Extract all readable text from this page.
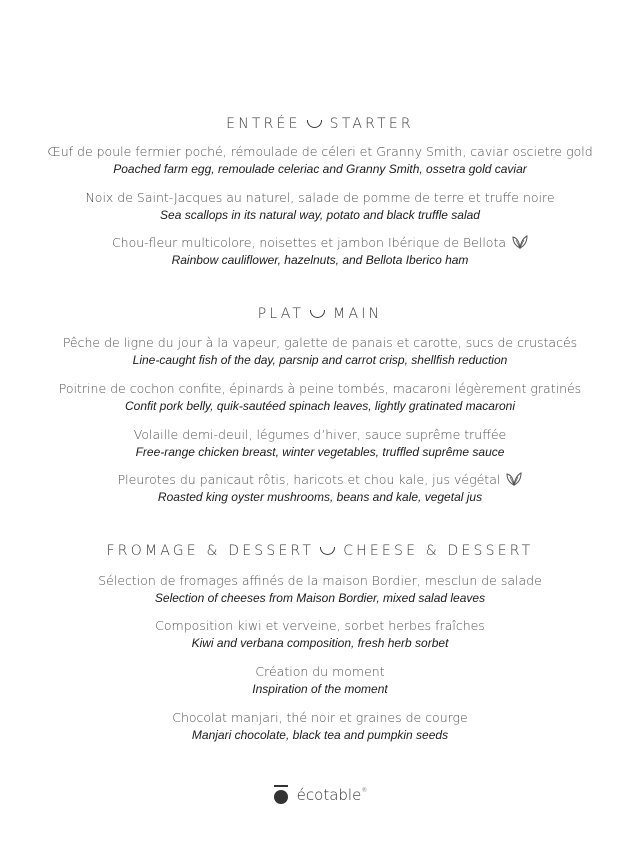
ENTRÉE STARTER
Œuf de poule fermier poché, rémoulade de céleri et Granny Smith, caviar oscietre gold
Poached farm egg, remoulade celeriac and Granny Smith, ossetra gold caviar
Noix de Saint-Jacques au naturel, salade de pomme de terre et truffe noire
Sea scallops in its natural way, potato and black truffle salad
Chou-fleur multicolore, noisettes et jambon Ibérique de Bellota
Rainbow cauliflower, hazelnuts, and Bellota Iberico ham
PLAT MAIN
Pêche de ligne du jour à la vapeur, galette de panais et carotte, sucs de crustacés
Line-caught fish of the day, parsnip and carrot crisp, shellfish reduction
Poitrine de cochon confite, épinards à peine tombés, macaroni légèrement gratinés
Confit pork belly, quik-sautéed spinach leaves, lightly gratinated macaroni
Volaille demi-deuil, légumes d’hiver, sauce suprême truffée
Free-range chicken breast, winter vegetables, truffled suprême sauce
Pleurotes du panicaut rôtis, haricots et chou kale, jus végétal
Roasted king oyster mushrooms, beans and kale, vegetal jus
FROMAGE & DESSERT CHEESE & DESSERT
Sélection de fromages affinés de la maison Bordier, mesclun de salade
Selection of cheeses from Maison Bordier, mixed salad leaves
Composition kiwi et verveine, sorbet herbes fraîches
Kiwi and verbana composition, fresh herb sorbet
Création du moment
Inspiration of the moment
Chocolat manjari, thé noir et graines de courge
Manjari chocolate, black tea and pumpkin seeds
écotable®
